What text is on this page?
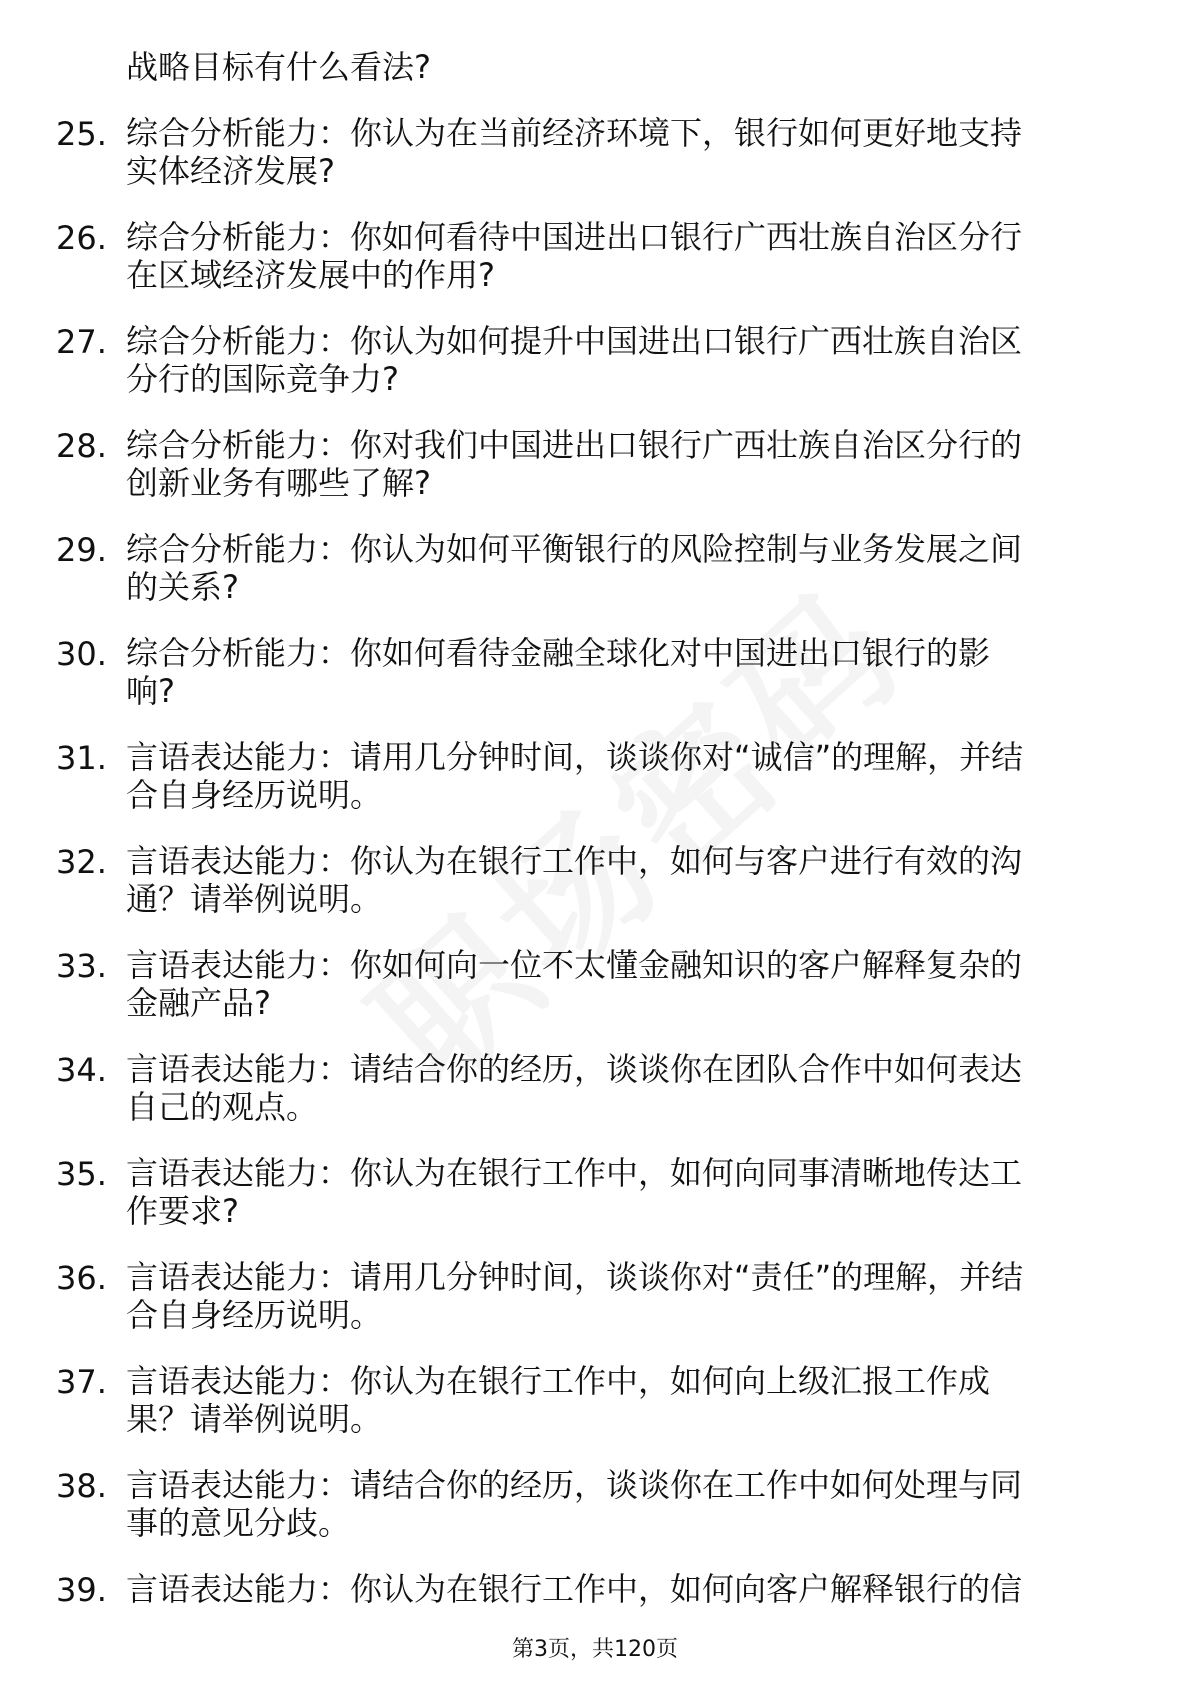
战略目标有什么看法?
25. 综合分析能力：你认为在当前经济环境下，银行如何更好地支持
实体经济发展?
26. 综合分析能力：你如何看待中国进出口银行广西壮族自治区分行
在区域经济发展中的作用?
27. 综合分析能力：你认为如何提升中国进出口银行广西壮族自治区
分行的国际竞争力?
28. 综合分析能力：你对我们中国进出口银行广西壮族自治区分行的
创新业务有哪些了解?
29. 综合分析能力：你认为如何平衡银行的风险控制与业务发展之间
的关系?
30. 综合分析能力：你如何看待金融全球化对中国进出口银行的影
响?
31. 言语表达能力：请用几分钟时间，谈谈你对“诚信”的理解，并结
合自身经历说明。
32. 言语表达能力：你认为在银行工作中，如何与客户进行有效的沟
通？请举例说明。
33. 言语表达能力：你如何向一位不太懂金融知识的客户解释复杂的
金融产品?
34. 言语表达能力：请结合你的经历，谈谈你在团队合作中如何表达
自己的观点。
35. 言语表达能力：你认为在银行工作中，如何向同事清晰地传达工
作要求?
36. 言语表达能力：请用几分钟时间，谈谈你对“责任”的理解，并结
合自身经历说明。
37. 言语表达能力：你认为在银行工作中，如何向上级汇报工作成
果？请举例说明。
38. 言语表达能力：请结合你的经历，谈谈你在工作中如何处理与同
事的意见分歧。
39. 言语表达能力：你认为在银行工作中，如何向客户解释银行的信
第3页，共120页
